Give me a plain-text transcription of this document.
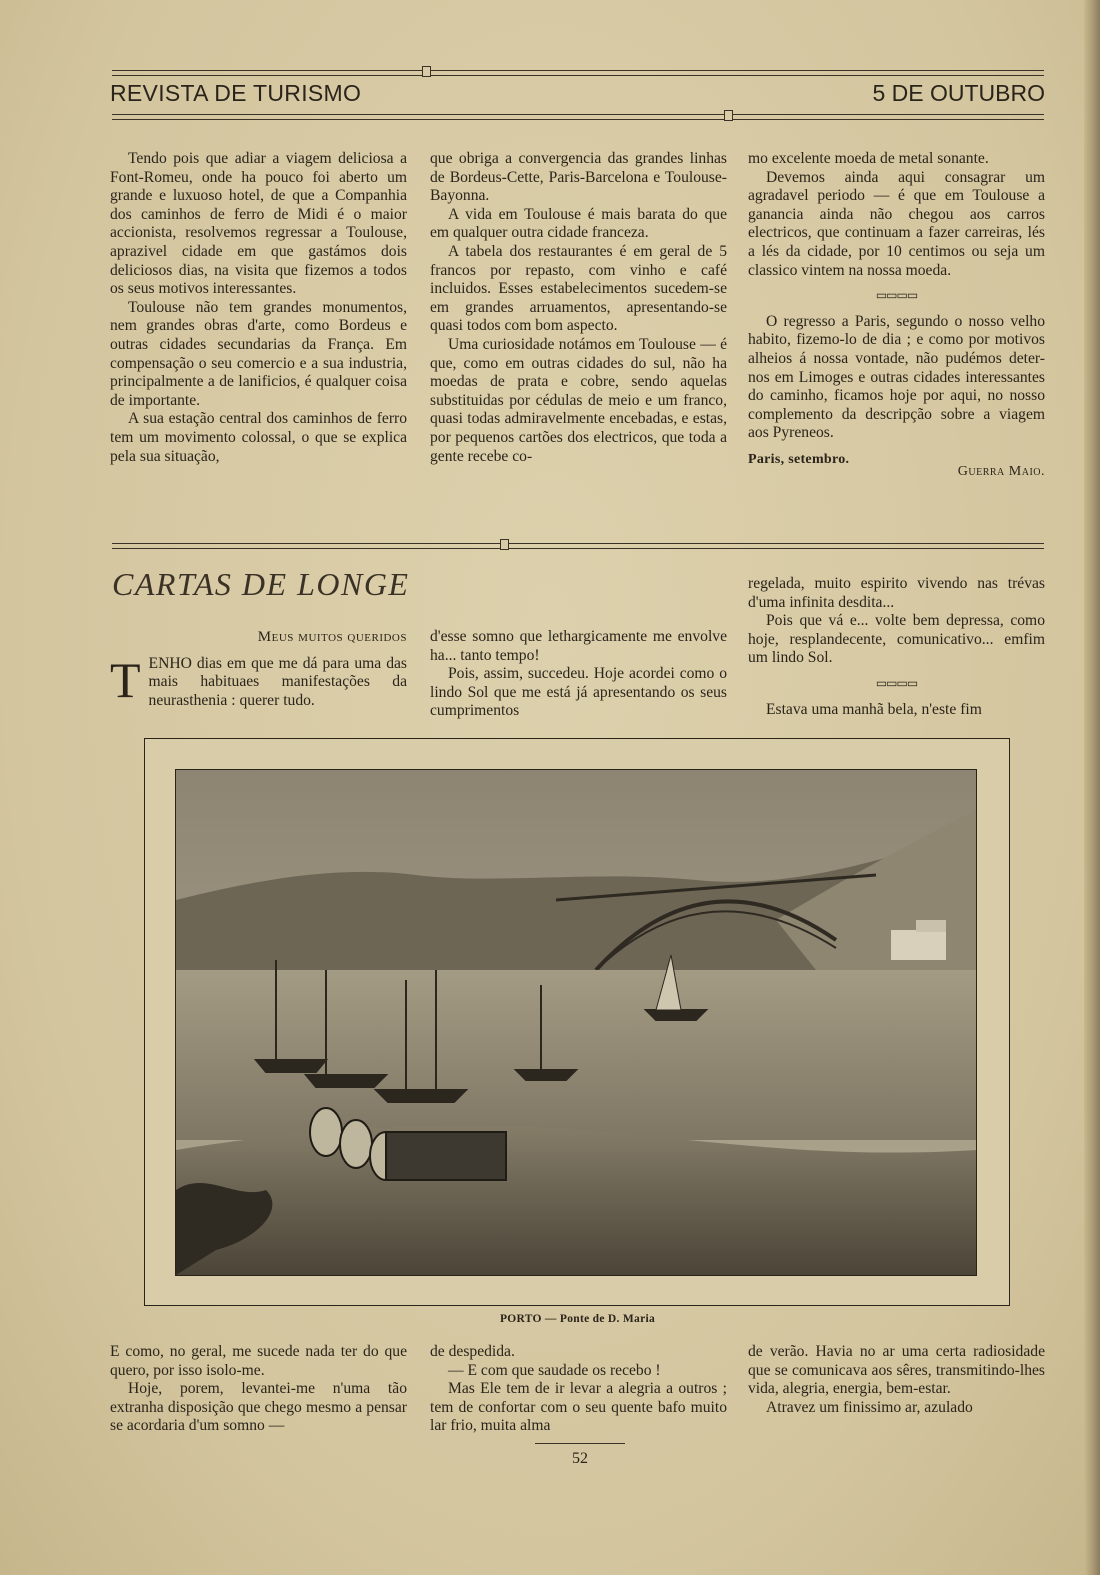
REVISTA DE TURISMO	5 DE OUTUBRO

Tendo pois que adiar a viagem deliciosa a Font-Romeu, onde ha pouco foi aberto um grande e luxuoso hotel, de que a Companhia dos caminhos de ferro de Midi é o maior accionista, resolvemos regressar a Toulouse, aprazivel cidade em que gastámos dois deliciosos dias, na visita que fizemos a todos os seus motivos interessantes.

Toulouse não tem grandes monumentos, nem grandes obras d'arte, como Bordeus e outras cidades secundarias da França. Em compensação o seu comercio e a sua industria, principalmente a de lanificios, é qualquer coisa de importante.

A sua estação central dos caminhos de ferro tem um movimento colossal, o que se explica pela sua situação,

que obriga a convergencia das grandes linhas de Bordeus-Cette, Paris-Barcelona e Toulouse-Bayonna.

A vida em Toulouse é mais barata do que em qualquer outra cidade franceza.

A tabela dos restaurantes é em geral de 5 francos por repasto, com vinho e café incluidos. Esses estabelecimentos sucedem-se em grandes arruamentos, apresentando-se quasi todos com bom aspecto.

Uma curiosidade notámos em Toulouse — é que, como em outras cidades do sul, não ha moedas de prata e cobre, sendo aquelas substituidas por cédulas de meio e um franco, quasi todas admiravelmente encebadas, e estas, por pequenos cartões dos electricos, que toda a gente recebe co-

mo excelente moeda de metal sonante.

Devemos ainda aqui consagrar um agradavel periodo — é que em Toulouse a ganancia ainda não chegou aos carros electricos, que continuam a fazer carreiras, lés a lés da cidade, por 10 centimos ou seja um classico vintem na nossa moeda.

▭▭▭▭

O regresso a Paris, segundo o nosso velho habito, fizemo-lo de dia ; e como por motivos alheios á nossa vontade, não pudémos deter-nos em Limoges e outras cidades interessantes do caminho, ficamos hoje por aqui, no nosso complemento da descripção sobre a viagem aos Pyreneos.

Paris, setembro.
Guerra Maio.
CARTAS DE LONGE
Meus muitos queridos
T ENHO dias em que me dá para uma das mais habituaes manifestações da neurasthenia : querer tudo.

d'esse somno que lethargicamente me envolve ha... tanto tempo!

Pois, assim, succedeu. Hoje acordei como o lindo Sol que me está já apresentando os seus cumprimentos

regelada, muito espirito vivendo nas trévas d'uma infinita desdita...

Pois que vá e... volte bem depressa, como hoje, resplandecente, comunicativo... emfim um lindo Sol.

▭▭▭▭

Estava uma manhã bela, n'este fim

PORTO — Ponte de D. Maria

E como, no geral, me sucede nada ter do que quero, por isso isolo-me.

Hoje, porem, levantei-me n'uma tão extranha disposição que chego mesmo a pensar se acordaria d'um somno —

de despedida.

— E com que saudade os recebo !

Mas Ele tem de ir levar a alegria a outros ; tem de confortar com o seu quente bafo muito lar frio, muita alma

de verão. Havia no ar uma certa radiosidade que se comunicava aos sêres, transmitindo-lhes vida, alegria, energia, bem-estar.

Atravez um finissimo ar, azulado

52
